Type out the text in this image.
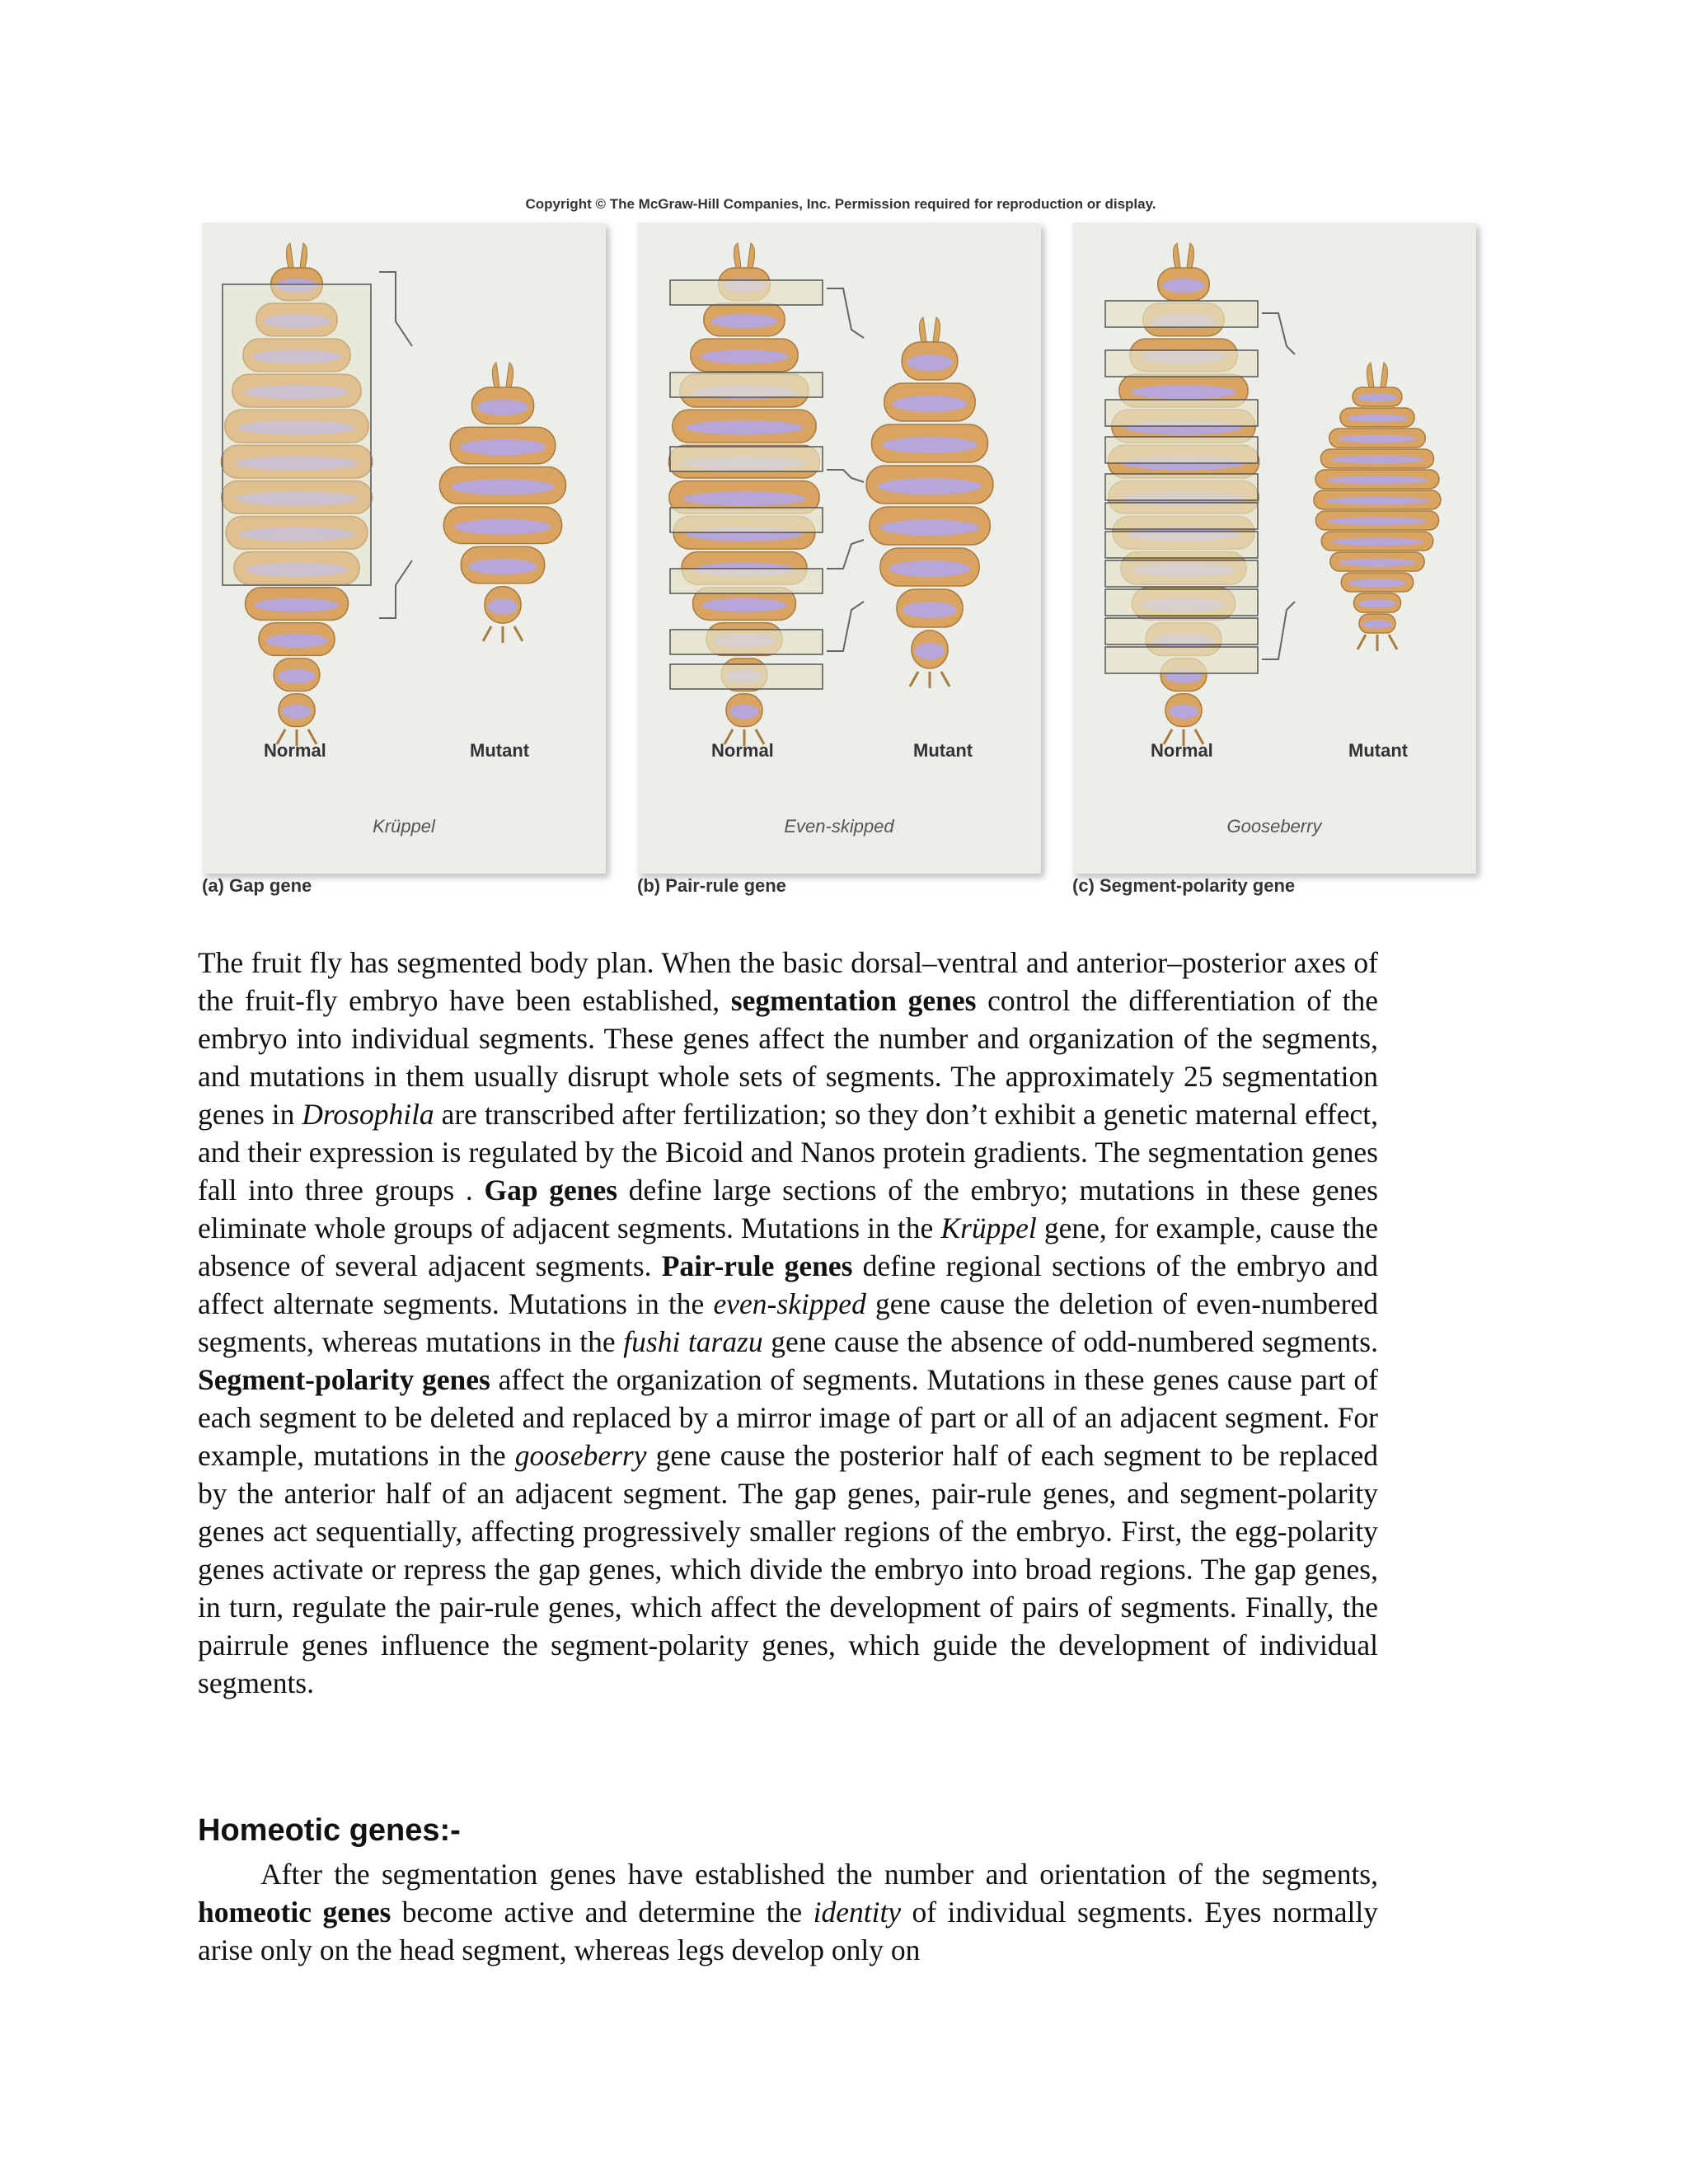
Copyright © The McGraw-Hill Companies, Inc. Permission required for reproduction or display.
Normal	Mutant
Krüppel
Normal	Mutant
Even-skipped
Normal	Mutant
Gooseberry
(a) Gap gene	(b) Pair-rule gene	(c) Segment-polarity gene

The fruit fly has segmented body plan. When the basic dorsal–ventral and anterior–posterior axes of the fruit-fly embryo have been established, segmentation genes control the differentiation of the embryo into individual segments. These genes affect the number and organization of the segments, and mutations in them usually disrupt whole sets of segments. The approximately 25 segmentation genes in Drosophila are transcribed after fertilization; so they don’t exhibit a genetic maternal effect, and their expression is regulated by the Bicoid and Nanos protein gradients. The segmentation genes fall into three groups . Gap genes define large sections of the embryo; mutations in these genes eliminate whole groups of adjacent segments. Mutations in the Krüppel gene, for example, cause the absence of several adjacent segments. Pair-rule genes define regional sections of the embryo and affect alternate segments. Mutations in the even-skipped gene cause the deletion of even-numbered segments, whereas mutations in the fushi tarazu gene cause the absence of odd-numbered segments. Segment-polarity genes affect the organization of segments. Mutations in these genes cause part of each segment to be deleted and replaced by a mirror image of part or all of an adjacent segment. For example, mutations in the gooseberry gene cause the posterior half of each segment to be replaced by the anterior half of an adjacent segment. The gap genes, pair-rule genes, and segment-polarity genes act sequentially, affecting progressively smaller regions of the embryo. First, the egg-polarity genes activate or repress the gap genes, which divide the embryo into broad regions. The gap genes, in turn, regulate the pair-rule genes, which affect the development of pairs of segments. Finally, the pairrule genes influence the segment-polarity genes, which guide the development of individual segments.

Homeotic genes:-
After the segmentation genes have established the number and orientation of the segments, homeotic genes become active and determine the identity of individual segments. Eyes normally arise only on the head segment, whereas legs develop only on
